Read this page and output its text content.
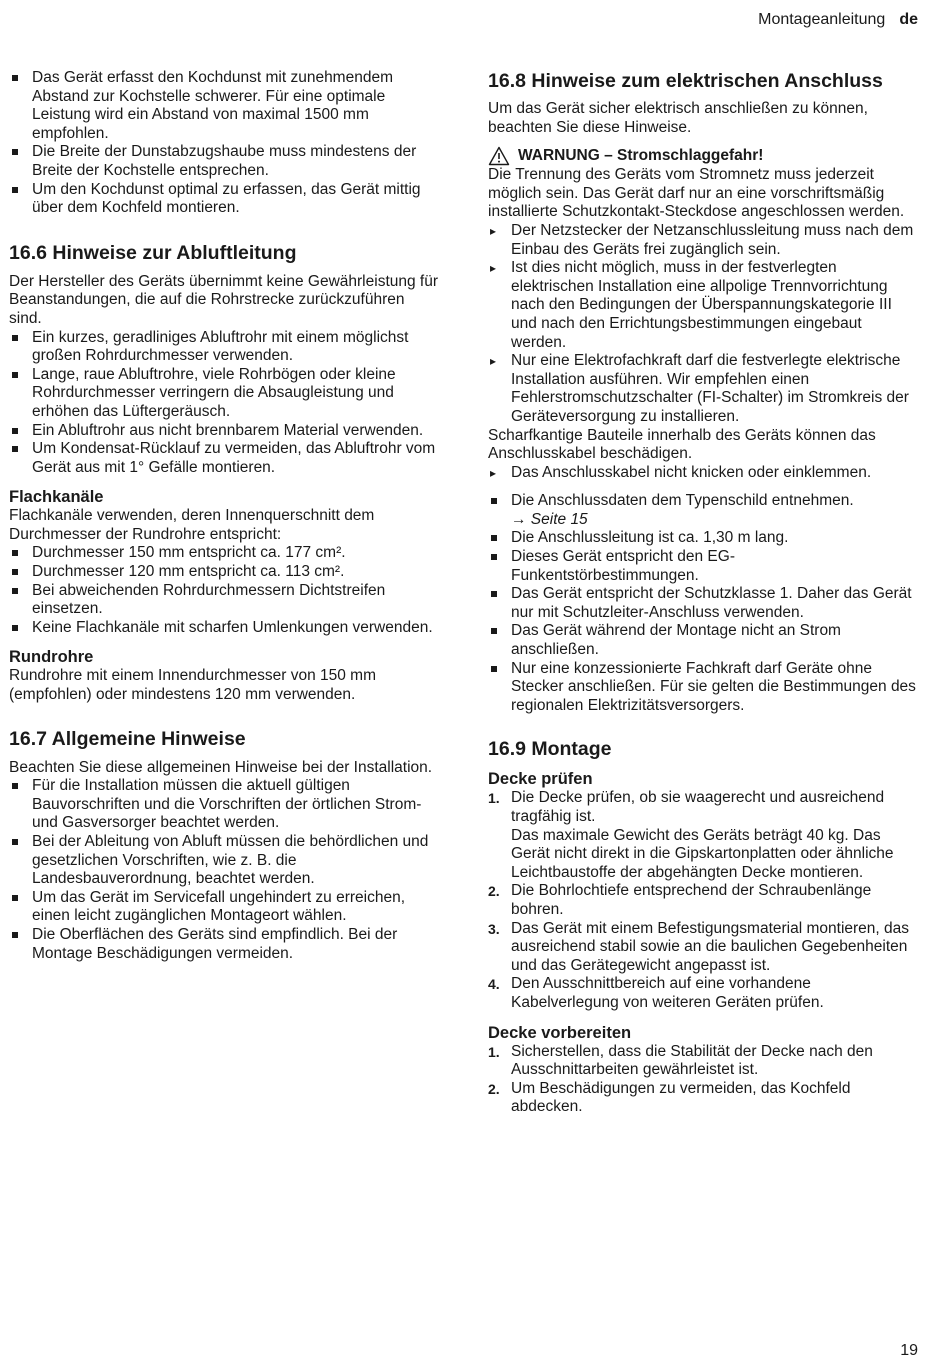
Montageanleitung de
Das Gerät erfasst den Kochdunst mit zunehmendem Abstand zur Kochstelle schwerer. Für eine optimale Leistung wird ein Abstand von maximal 1500 mm empfohlen.
Die Breite der Dunstabzugshaube muss mindestens der Breite der Kochstelle entsprechen.
Um den Kochdunst optimal zu erfassen, das Gerät mittig über dem Kochfeld montieren.
16.6 Hinweise zur Abluftleitung

Der Hersteller des Geräts übernimmt keine Gewährleistung für Beanstandungen, die auf die Rohrstrecke zurückzuführen sind.

Ein kurzes, geradliniges Abluftrohr mit einem möglichst großen Rohrdurchmesser verwenden.
Lange, raue Abluftrohre, viele Rohrbögen oder kleine Rohrdurchmesser verringern die Absaugleistung und erhöhen das Lüftergeräusch.
Ein Abluftrohr aus nicht brennbarem Material verwenden.
Um Kondensat-Rücklauf zu vermeiden, das Abluftrohr vom Gerät aus mit 1° Gefälle montieren.
Flachkanäle

Flachkanäle verwenden, deren Innenquerschnitt dem Durchmesser der Rundrohre entspricht:

Durchmesser 150 mm entspricht ca. 177 cm².
Durchmesser 120 mm entspricht ca. 113 cm².
Bei abweichenden Rohrdurchmessern Dichtstreifen einsetzen.
Keine Flachkanäle mit scharfen Umlenkungen verwenden.
Rundrohre

Rundrohre mit einem Innendurchmesser von 150 mm (empfohlen) oder mindestens 120 mm verwenden.

16.7 Allgemeine Hinweise

Beachten Sie diese allgemeinen Hinweise bei der Installation.

Für die Installation müssen die aktuell gültigen Bauvorschriften und die Vorschriften der örtlichen Strom- und Gasversorger beachtet werden.
Bei der Ableitung von Abluft müssen die behördlichen und gesetzlichen Vorschriften, wie z. B. die Landesbauverordnung, beachtet werden.
Um das Gerät im Servicefall ungehindert zu erreichen, einen leicht zugänglichen Montageort wählen.
Die Oberflächen des Geräts sind empfindlich. Bei der Montage Beschädigungen vermeiden.
16.8 Hinweise zum elektrischen Anschluss

Um das Gerät sicher elektrisch anschließen zu können, beachten Sie diese Hinweise.

WARNUNG – Stromschlaggefahr!

Die Trennung des Geräts vom Stromnetz muss jederzeit möglich sein. Das Gerät darf nur an eine vorschriftsmäßig installierte Schutzkontakt-Steckdose angeschlossen werden.

▸ Der Netzstecker der Netzanschlussleitung muss nach dem Einbau des Geräts frei zugänglich sein.
▸ Ist dies nicht möglich, muss in der festverlegten elektrischen Installation eine allpolige Trennvorrichtung nach den Bedingungen der Überspannungskategorie III und nach den Errichtungsbestimmungen eingebaut werden.
▸ Nur eine Elektrofachkraft darf die festverlegte elektrische Installation ausführen. Wir empfehlen einen Fehlerstromschutzschalter (FI-Schalter) im Stromkreis der Geräteversorgung zu installieren.

Scharfkantige Bauteile innerhalb des Geräts können das Anschlusskabel beschädigen.

▸ Das Anschlusskabel nicht knicken oder einklemmen.
Die Anschlussdaten dem Typenschild entnehmen.
→ Seite 15
Die Anschlussleitung ist ca. 1,30 m lang.
Dieses Gerät entspricht den EG-Funkentstörbestimmungen.
Das Gerät entspricht der Schutzklasse 1. Daher das Gerät nur mit Schutzleiter-Anschluss verwenden.
Das Gerät während der Montage nicht an Strom anschließen.
Nur eine konzessionierte Fachkraft darf Geräte ohne Stecker anschließen. Für sie gelten die Bestimmungen des regionalen Elektrizitätsversorgers.
16.9 Montage
Decke prüfen
1. Die Decke prüfen, ob sie waagerecht und ausreichend tragfähig ist.
Das maximale Gewicht des Geräts beträgt 40 kg. Das Gerät nicht direkt in die Gipskartonplatten oder ähnliche Leichtbaustoffe der abgehängten Decke montieren.
2. Die Bohrlochtiefe entsprechend der Schraubenlänge bohren.
3. Das Gerät mit einem Befestigungsmaterial montieren, das ausreichend stabil sowie an die baulichen Gegebenheiten und das Gerätegewicht angepasst ist.
4. Den Ausschnittbereich auf eine vorhandene Kabelverlegung von weiteren Geräten prüfen.
Decke vorbereiten
1. Sicherstellen, dass die Stabilität der Decke nach den Ausschnittarbeiten gewährleistet ist.
2. Um Beschädigungen zu vermeiden, das Kochfeld abdecken.
19
